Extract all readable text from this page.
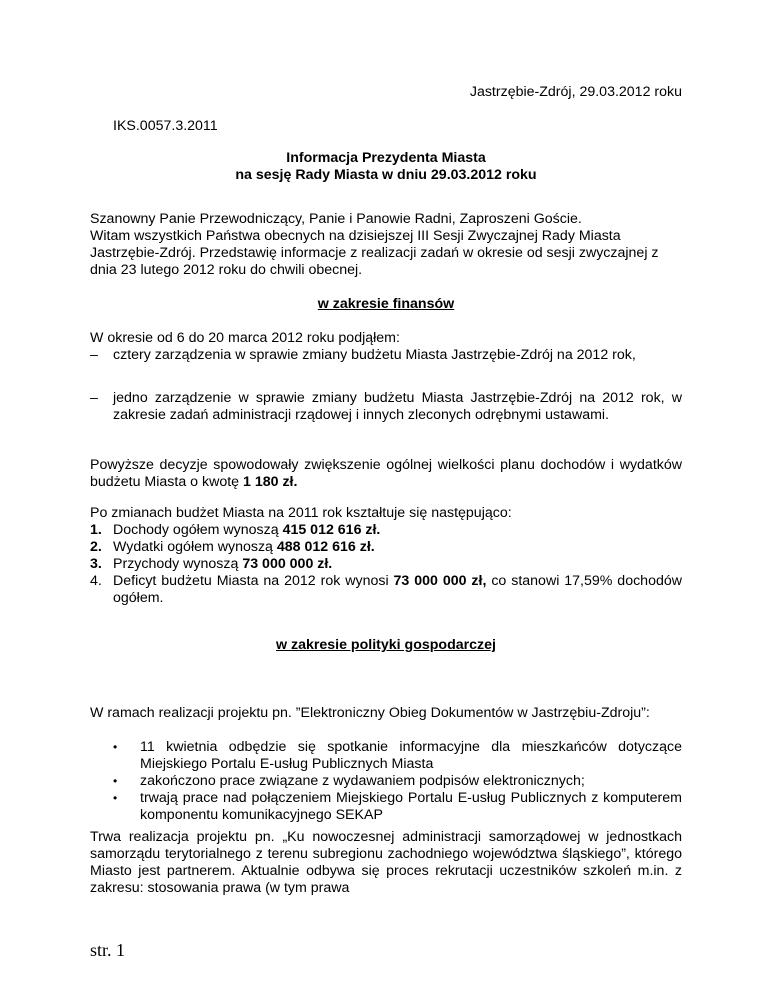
Jastrzębie-Zdrój, 29.03.2012 roku
IKS.0057.3.2011
Informacja Prezydenta Miasta
na sesję Rady Miasta w dniu 29.03.2012 roku
Szanowny Panie Przewodniczący, Panie i Panowie Radni, Zaproszeni Goście.
Witam wszystkich Państwa obecnych na dzisiejszej III Sesji Zwyczajnej Rady Miasta Jastrzębie-Zdrój. Przedstawię informacje z realizacji zadań w okresie od sesji zwyczajnej z dnia 23 lutego 2012 roku do chwili obecnej.
w zakresie finansów
W okresie od 6 do 20 marca 2012 roku podjąłem:
– cztery zarządzenia w sprawie zmiany budżetu Miasta Jastrzębie-Zdrój na 2012 rok,
– jedno zarządzenie w sprawie zmiany budżetu Miasta Jastrzębie-Zdrój na 2012 rok, w zakresie zadań administracji rządowej i innych zleconych odrębnymi ustawami.
Powyższe decyzje spowodowały zwiększenie ogólnej wielkości planu dochodów i wydatków budżetu Miasta o kwotę 1 180 zł.
Po zmianach budżet Miasta na 2011 rok kształtuje się następująco:
1. Dochody ogółem wynoszą 415 012 616 zł.
2. Wydatki ogółem wynoszą 488 012 616 zł.
3. Przychody wynoszą 73 000 000 zł.
4. Deficyt budżetu Miasta na 2012 rok wynosi 73 000 000 zł, co stanowi 17,59% dochodów ogółem.
w zakresie polityki gospodarczej
W ramach realizacji projektu pn. ”Elektroniczny Obieg Dokumentów w Jastrzębiu-Zdroju”:
• 11 kwietnia odbędzie się spotkanie informacyjne dla mieszkańców dotyczące Miejskiego Portalu E-usług Publicznych Miasta
• zakończono prace związane z wydawaniem podpisów elektronicznych;
• trwają prace nad połączeniem Miejskiego Portalu E-usług Publicznych z komputerem komponentu komunikacyjnego SEKAP
Trwa realizacja projektu pn. „Ku nowoczesnej administracji samorządowej w jednostkach samorządu terytorialnego z terenu subregionu zachodniego województwa śląskiego”, którego Miasto jest partnerem. Aktualnie odbywa się proces rekrutacji uczestników szkoleń m.in. z zakresu: stosowania prawa (w tym prawa
str. 1
